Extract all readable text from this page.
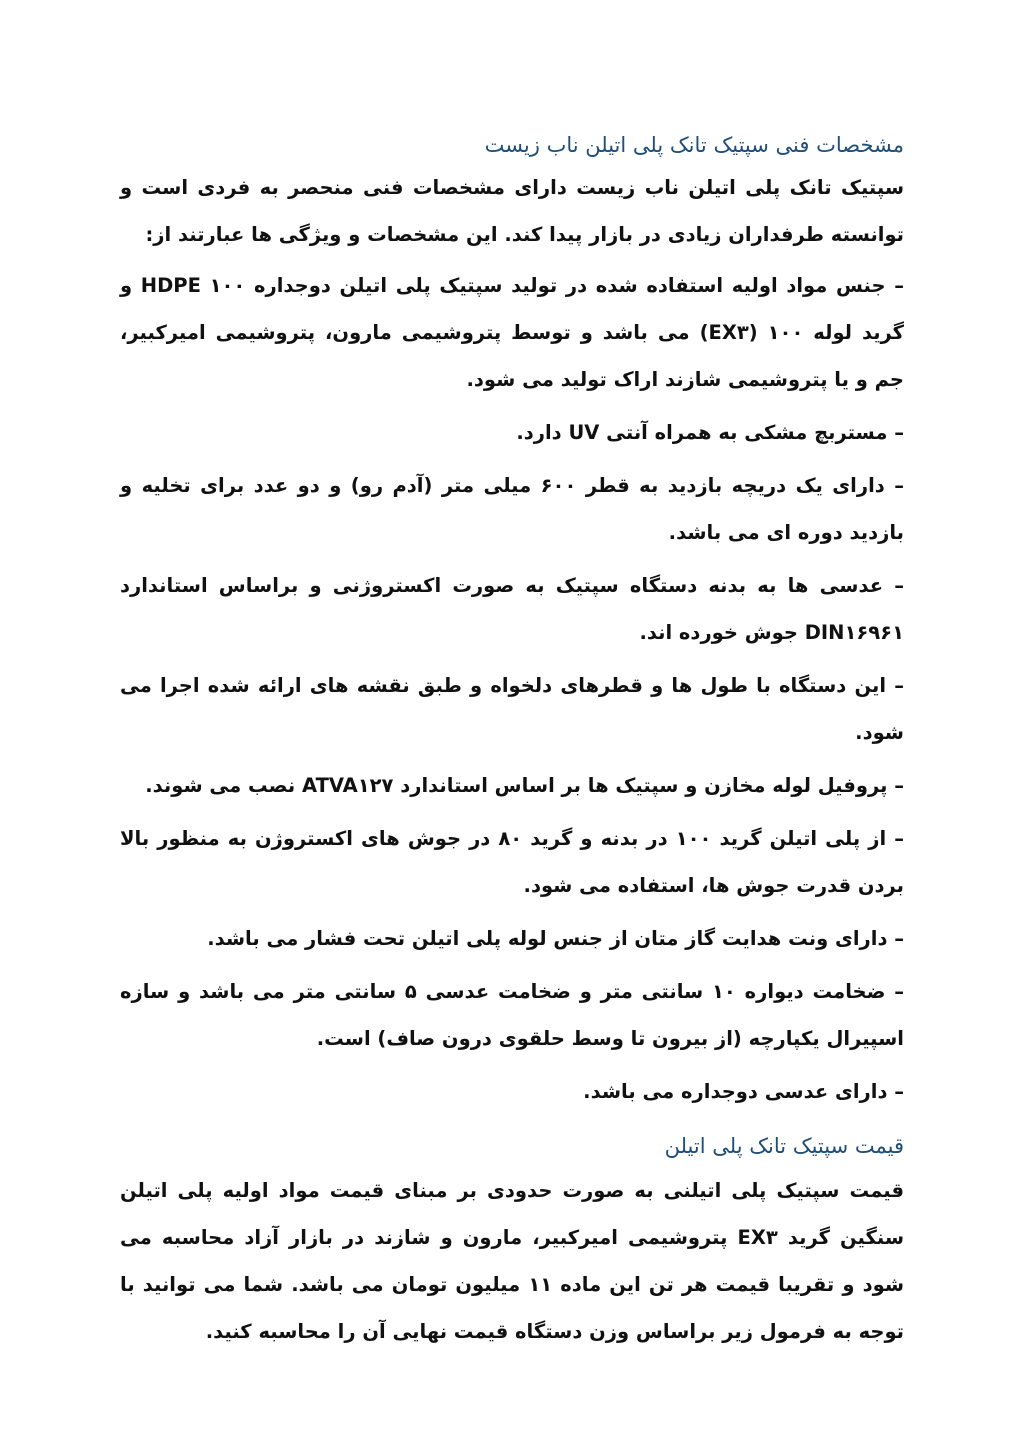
مشخصات فنی سپتیک تانک پلی اتیلن ناب زیست

سپتیک تانک پلی اتیلن ناب زیست دارای مشخصات فنی منحصر به فردی است و توانسته طرفداران زیادی در بازار پیدا کند. این مشخصات و ویژگی ها عبارتند از:

– جنس مواد اولیه استفاده شده در تولید سپتیک پلی اتیلن دوجداره ۱۰۰ HDPE و گرید لوله ۱۰۰ (EX۳) می باشد و توسط پتروشیمی مارون، پتروشیمی امیرکبیر، جم و یا پتروشیمی شازند اراک تولید می شود.

– مستربچ مشکی به همراه آنتی UV دارد.

– دارای یک دریچه بازدید به قطر ۶۰۰ میلی متر (آدم رو) و دو عدد برای تخلیه و بازدید دوره ای می باشد.

– عدسی ها به بدنه دستگاه سپتیک به صورت اکستروژنی و براساس استاندارد DIN۱۶۹۶۱ جوش خورده اند.

– این دستگاه با طول ها و قطرهای دلخواه و طبق نقشه های ارائه شده اجرا می شود.

– پروفیل لوله مخازن و سپتیک ها بر اساس استاندارد ATVA۱۲۷ نصب می شوند.

– از پلی اتیلن گرید ۱۰۰ در بدنه و گرید ۸۰ در جوش های اکستروژن به منظور بالا بردن قدرت جوش ها، استفاده می شود.

– دارای ونت هدایت گاز متان از جنس لوله پلی اتیلن تحت فشار می باشد.

– ضخامت دیواره ۱۰ سانتی متر و ضخامت عدسی ۵ سانتی متر می باشد و سازه اسپیرال یکپارچه (از بیرون تا وسط حلقوی درون صاف) است.

– دارای عدسی دوجداره می باشد.

قیمت سپتیک تانک پلی اتیلن

قیمت سپتیک پلی اتیلنی به صورت حدودی بر مبنای قیمت مواد اولیه پلی اتیلن سنگین گرید EX۳ پتروشیمی امیرکبیر، مارون و شازند در بازار آزاد محاسبه می شود و تقریبا قیمت هر تن این ماده ۱۱ میلیون تومان می باشد. شما می توانید با توجه به فرمول زیر براساس وزن دستگاه قیمت نهایی آن را محاسبه کنید.
